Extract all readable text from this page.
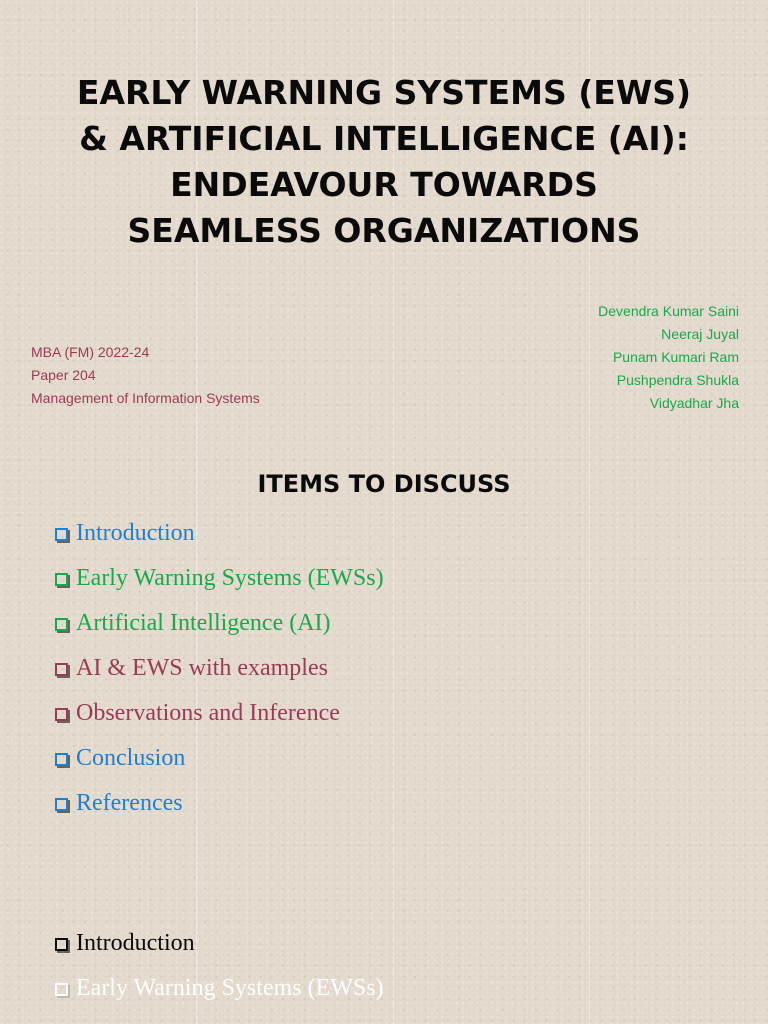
EARLY WARNING SYSTEMS (EWS)
& ARTIFICIAL INTELLIGENCE (AI):
ENDEAVOUR TOWARDS
SEAMLESS ORGANIZATIONS
MBA (FM) 2022-24
Paper 204
Management of Information Systems
Devendra Kumar Saini
Neeraj Juyal
Punam Kumari Ram
Pushpendra Shukla
Vidyadhar Jha
ITEMS TO DISCUSS
Introduction
Early Warning Systems (EWSs)
Artificial Intelligence (AI)
AI & EWS with examples
Observations and Inference
Conclusion
References
Introduction
Early Warning Systems (EWSs)
